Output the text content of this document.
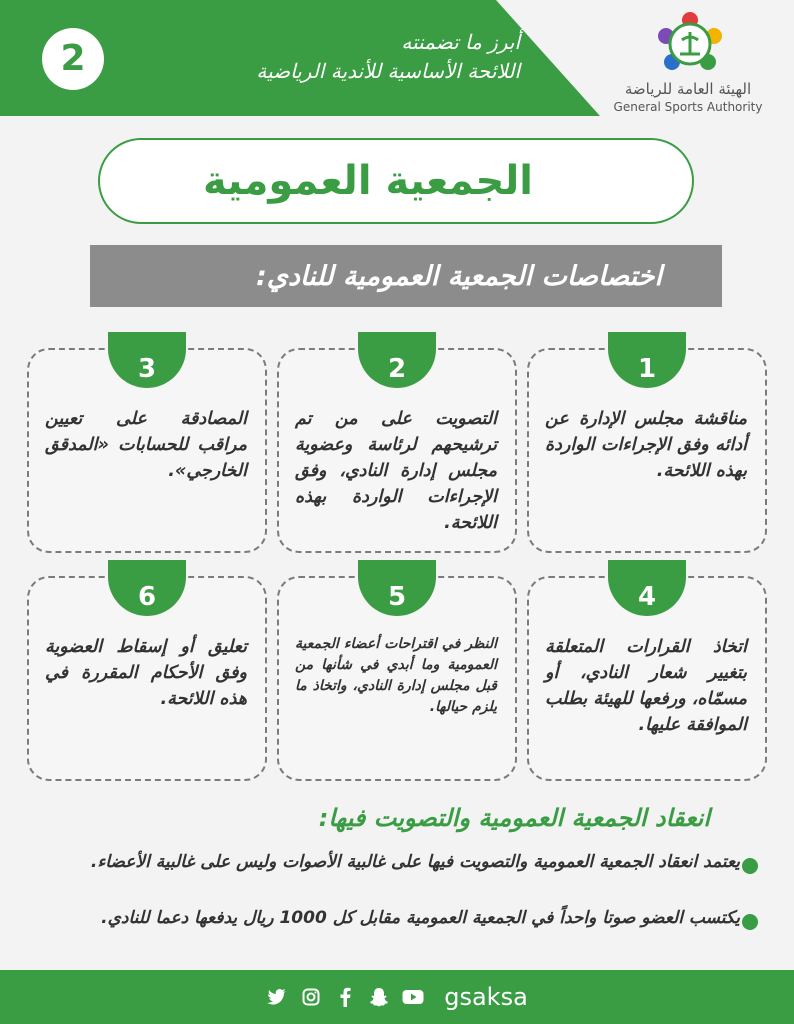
2	أبرز ما تضمنته
اللائحة الأساسية للأندية الرياضية
الهيئة العامة للرياضة
General Sports Authority
الجمعية العمومية
اختصاصات الجمعية العمومية للنادي:
1
مناقشة مجلس الإدارة عن أدائه وفق الإجراءات الواردة بهذه اللائحة.
2
التصويت على من تم ترشيحهم لرئاسة وعضوية مجلس إدارة النادي، وفق الإجراءات الواردة بهذه اللائحة.
3
المصادقة على تعيين مراقب للحسابات «المدقق الخارجي».
4
اتخاذ القرارات المتعلقة بتغيير شعار النادي، أو مسمّاه، ورفعها للهيئة بطلب الموافقة عليها.
5
النظر في اقتراحات أعضاء الجمعية العمومية وما أبدي في شأنها من قبل مجلس إدارة النادي، واتخاذ ما يلزم حيالها.
6
تعليق أو إسقاط العضوية وفق الأحكام المقررة في هذه اللائحة.
انعقاد الجمعية العمومية والتصويت فيها:
يعتمد انعقاد الجمعية العمومية والتصويت فيها على غالبية الأصوات وليس على غالبية الأعضاء.
يكتسب العضو صوتا واحداً في الجمعية العمومية مقابل كل 1000 ريال يدفعها دعما للنادي.
gsaksa
